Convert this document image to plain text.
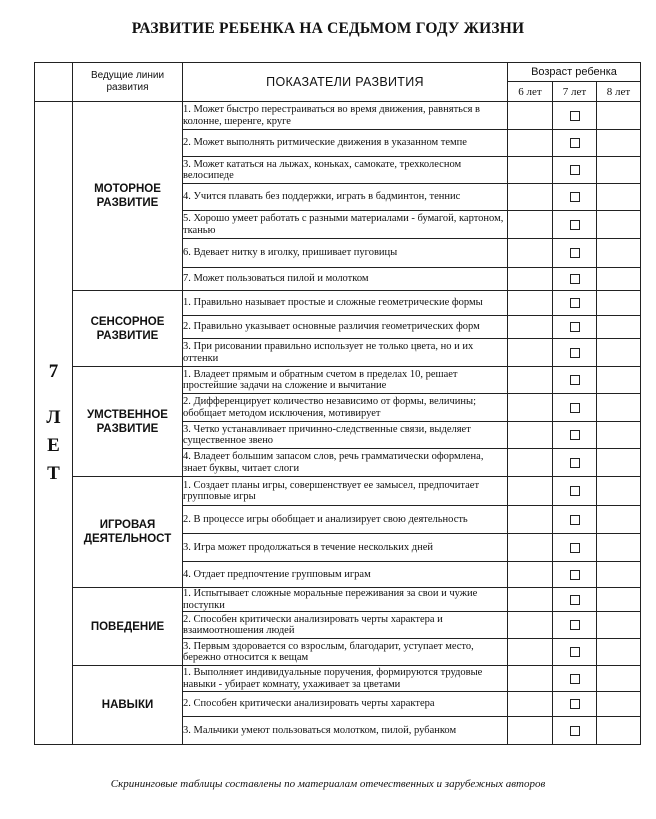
РАЗВИТИЕ РЕБЕНКА НА СЕДЬМОМ ГОДУ ЖИЗНИ
	Ведущие линии развития	ПОКАЗАТЕЛИ РАЗВИТИЯ	Возраст ребенка		
			6 лет	7 лет	8 лет

7
Л
Е
Т	МОТОРНОЕ РАЗВИТИЕ	1. Может быстро перестраиваться во время движения, равняться в колонне, шеренге, круге			
		2. Может выполнять ритмические движения в указанном темпе			
		3. Может кататься на лыжах, коньках, самокате, трехколесном велосипеде			
		4. Учится плавать без поддержки, играть в бадминтон, теннис			
		5. Хорошо умеет работать с разными материалами - бумагой, картоном, тканью			
		6. Вдевает нитку в иголку, пришивает пуговицы			
		7. Может пользоваться пилой и молотком			
	СЕНСОРНОЕ РАЗВИТИЕ	1. Правильно называет простые и сложные геометрические формы			
		2. Правильно указывает основные различия геометрических форм			
		3. При рисовании правильно использует не только цвета, но и их оттенки			
	УМСТВЕННОЕ РАЗВИТИЕ	1. Владеет прямым и обратным счетом в пределах 10, решает простейшие задачи на сложение и вычитание			
		2. Дифференцирует количество независимо от формы, величины; обобщает методом исключения, мотивирует			
		3. Четко устанавливает причинно-следственные связи, выделяет существенное звено			
		4. Владеет большим запасом слов, речь грамматически оформлена, знает буквы, читает слоги			
	ИГРОВАЯ ДЕЯТЕЛЬНОСТ	1. Создает планы игры, совершенствует ее замысел, предпочитает групповые игры			
		2. В процессе игры обобщает и анализирует свою деятельность			
		3. Игра может продолжаться в течение нескольких дней			
		4. Отдает предпочтение групповым играм			
	ПОВЕДЕНИЕ	1. Испытывает сложные моральные переживания за свои и чужие поступки			
		2. Способен критически анализировать черты характера и взаимоотношения людей			
		3. Первым здоровается со взрослым, благодарит, уступает место, бережно относится к вещам			
	НАВЫКИ	1. Выполняет индивидуальные поручения, формируются трудовые навыки - убирает комнату, ухаживает за цветами			
		2. Способен критически анализировать черты характера			
		3. Мальчики умеют пользоваться молотком, пилой, рубанком			
Скрининговые таблицы составлены по материалам отечественных и зарубежных авторов
